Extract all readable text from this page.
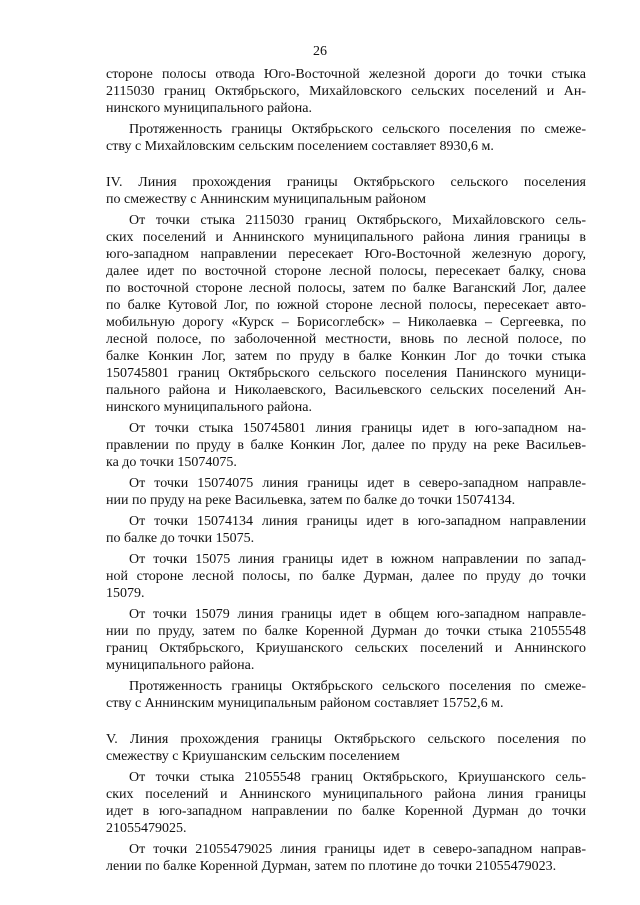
26
стороне полосы отвода Юго-Восточной железной дороги до точки стыка
2115030 границ Октябрьского, Михайловского сельских поселений и Ан-
нинского муниципального района.
Протяженность границы Октябрьского сельского поселения по смеже-
ству с Михайловским сельским поселением составляет 8930,6 м.
IV. Линия прохождения границы Октябрьского сельского поселения
по смежеству с Аннинским муниципальным районом
От точки стыка 2115030 границ Октябрьского, Михайловского сель-
ских поселений и Аннинского муниципального района линия границы в
юго-западном направлении пересекает Юго-Восточной железную дорогу,
далее идет по восточной стороне лесной полосы, пересекает балку, снова
по восточной стороне лесной полосы, затем по балке Ваганский Лог, далее
по балке Кутовой Лог, по южной стороне лесной полосы, пересекает авто-
мобильную дорогу «Курск – Борисоглебск» – Николаевка – Сергеевка, по
лесной полосе, по заболоченной местности, вновь по лесной полосе, по
балке Конкин Лог, затем по пруду в балке Конкин Лог до точки стыка
150745801 границ Октябрьского сельского поселения Панинского муници-
пального района и Николаевского, Васильевского сельских поселений Ан-
нинского муниципального района.
От точки стыка 150745801 линия границы идет в юго-западном на-
правлении по пруду в балке Конкин Лог, далее по пруду на реке Васильев-
ка до точки 15074075.
От точки 15074075 линия границы идет в северо-западном направле-
нии по пруду на реке Васильевка, затем по балке до точки 15074134.
От точки 15074134 линия границы идет в юго-западном направлении
по балке до точки 15075.
От точки 15075 линия границы идет в южном направлении по запад-
ной стороне лесной полосы, по балке Дурман, далее по пруду до точки
15079.
От точки 15079 линия границы идет в общем юго-западном направле-
нии по пруду, затем по балке Коренной Дурман до точки стыка 21055548
границ Октябрьского, Криушанского сельских поселений и Аннинского
муниципального района.
Протяженность границы Октябрьского сельского поселения по смеже-
ству с Аннинским муниципальным районом составляет 15752,6 м.
V. Линия прохождения границы Октябрьского сельского поселения по
смежеству с Криушанским сельским поселением
От точки стыка 21055548 границ Октябрьского, Криушанского сель-
ских поселений и Аннинского муниципального района линия границы
идет в юго-западном направлении по балке Коренной Дурман до точки
21055479025.
От точки 21055479025 линия границы идет в северо-западном направ-
лении по балке Коренной Дурман, затем по плотине до точки 21055479023.
